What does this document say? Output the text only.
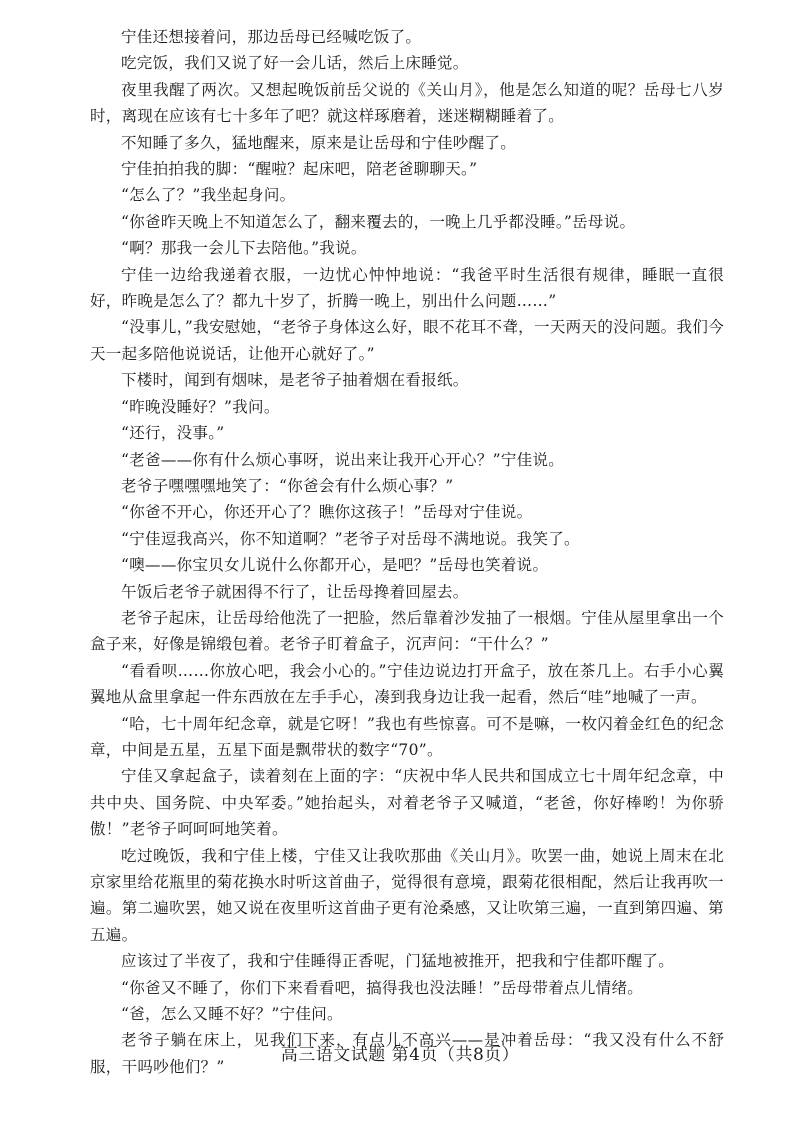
宁佳还想接着问，那边岳母已经喊吃饭了。

吃完饭，我们又说了好一会儿话，然后上床睡觉。

夜里我醒了两次。又想起晚饭前岳父说的《关山月》，他是怎么知道的呢？岳母七八岁时，离现在应该有七十多年了吧？就这样琢磨着，迷迷糊糊睡着了。

不知睡了多久，猛地醒来，原来是让岳母和宁佳吵醒了。

宁佳拍拍我的脚：“醒啦？起床吧，陪老爸聊聊天。”

“怎么了？”我坐起身问。

“你爸昨天晚上不知道怎么了，翻来覆去的，一晚上几乎都没睡。”岳母说。

“啊？那我一会儿下去陪他。”我说。

宁佳一边给我递着衣服，一边忧心忡忡地说：“我爸平时生活很有规律，睡眠一直很好，昨晚是怎么了？都九十岁了，折腾一晚上，别出什么问题……”

“没事儿，”我安慰她，“老爷子身体这么好，眼不花耳不聋，一天两天的没问题。我们今天一起多陪他说说话，让他开心就好了。”

下楼时，闻到有烟味，是老爷子抽着烟在看报纸。

“昨晚没睡好？”我问。

“还行，没事。”

“老爸——你有什么烦心事呀，说出来让我开心开心？”宁佳说。

老爷子嘿嘿嘿地笑了：“你爸会有什么烦心事？”

“你爸不开心，你还开心了？瞧你这孩子！”岳母对宁佳说。

“宁佳逗我高兴，你不知道啊？”老爷子对岳母不满地说。我笑了。

“噢——你宝贝女儿说什么你都开心，是吧？”岳母也笑着说。

午饭后老爷子就困得不行了，让岳母搀着回屋去。

老爷子起床，让岳母给他洗了一把脸，然后靠着沙发抽了一根烟。宁佳从屋里拿出一个盒子来，好像是锦缎包着。老爷子盯着盒子，沉声问：“干什么？”

“看看呗……你放心吧，我会小心的。”宁佳边说边打开盒子，放在茶几上。右手小心翼翼地从盒里拿起一件东西放在左手手心，凑到我身边让我一起看，然后“哇”地喊了一声。

“哈，七十周年纪念章，就是它呀！”我也有些惊喜。可不是嘛，一枚闪着金红色的纪念章，中间是五星，五星下面是飘带状的数字“70”。

宁佳又拿起盒子，读着刻在上面的字：“庆祝中华人民共和国成立七十周年纪念章，中共中央、国务院、中央军委。”她抬起头，对着老爷子又喊道，“老爸，你好棒哟！为你骄傲！”老爷子呵呵呵地笑着。

吃过晚饭，我和宁佳上楼，宁佳又让我吹那曲《关山月》。吹罢一曲，她说上周末在北京家里给花瓶里的菊花换水时听这首曲子，觉得很有意境，跟菊花很相配，然后让我再吹一遍。第二遍吹罢，她又说在夜里听这首曲子更有沧桑感，又让吹第三遍，一直到第四遍、第五遍。

应该过了半夜了，我和宁佳睡得正香呢，门猛地被推开，把我和宁佳都吓醒了。

“你爸又不睡了，你们下来看看吧，搞得我也没法睡！”岳母带着点儿情绪。

“爸，怎么又睡不好？”宁佳问。

老爷子躺在床上，见我们下来，有点儿不高兴——是冲着岳母：“我又没有什么不舒服，干吗吵他们？”

高三语文试题 第4页（共8页）
